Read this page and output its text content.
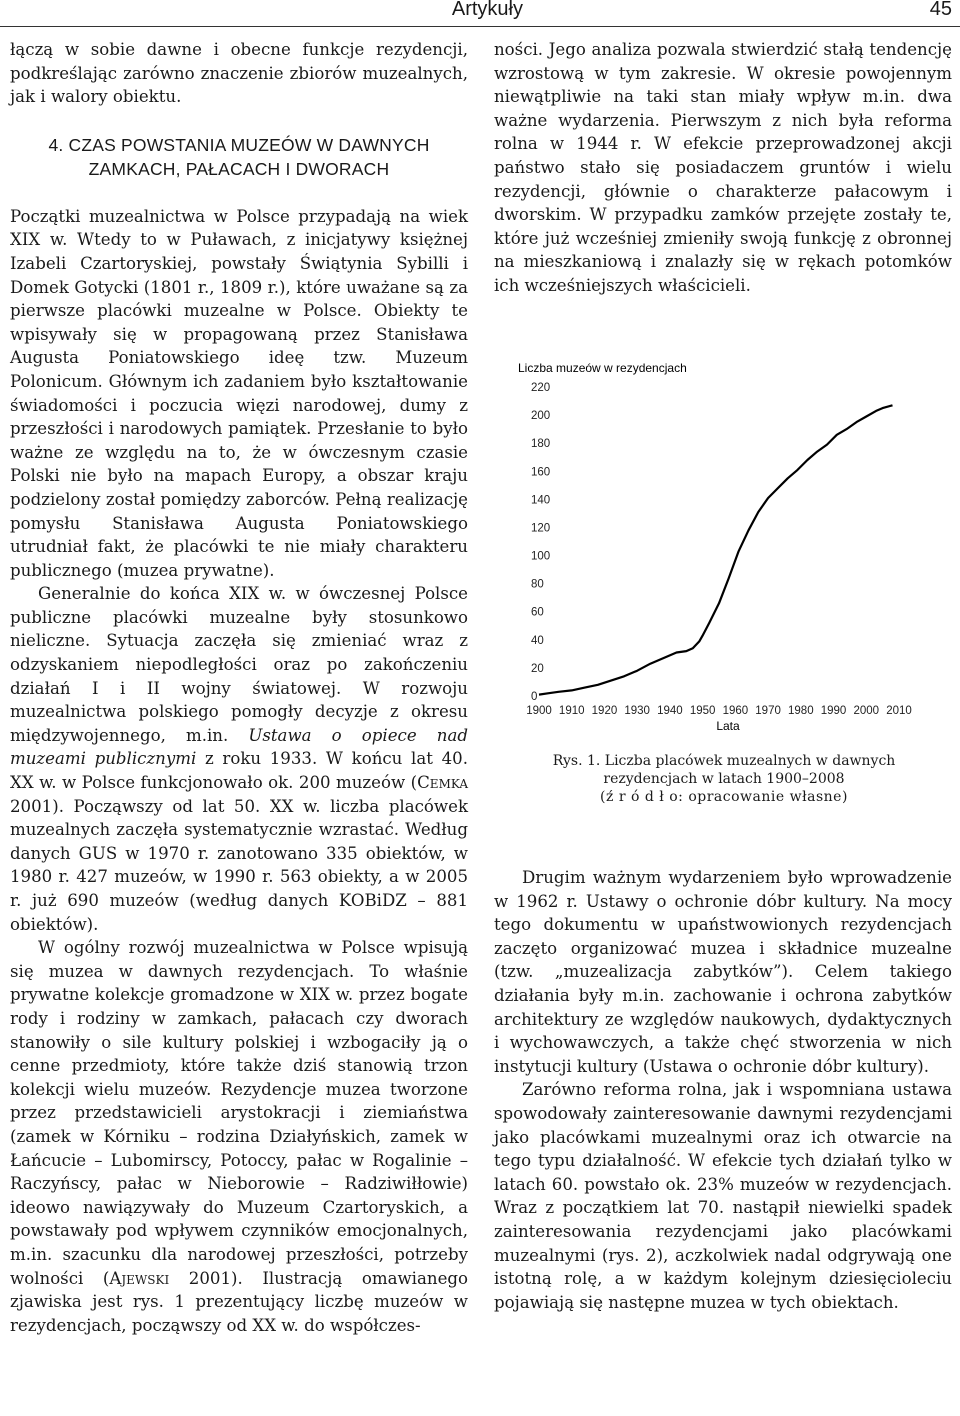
Artykuły	45

łączą w sobie dawne i obecne funkcje rezydencji, podkreślając zarówno znaczenie zbiorów muzealnych, jak i walory obiektu.

4. CZAS POWSTANIA MUZEÓW W DAWNYCH ZAMKACH, PAŁACACH I DWORACH

Początki muzealnictwa w Polsce przypadają na wiek XIX w. Wtedy to w Puławach, z inicjatywy księżnej Izabeli Czartoryskiej, powstały Świątynia Sybilli i Domek Gotycki (1801 r., 1809 r.), które uważane są za pierwsze placówki muzealne w Polsce. Obiekty te wpisywały się w propagowaną przez Stanisława Augusta Poniatowskiego ideę tzw. Muzeum Polonicum. Głównym ich zadaniem było kształtowanie świadomości i poczucia więzi narodowej, dumy z przeszłości i narodowych pamiątek. Przesłanie to było ważne ze względu na to, że w ówczesnym czasie Polski nie było na mapach Europy, a obszar kraju podzielony został pomiędzy zaborców. Pełną realizację pomysłu Stanisława Augusta Poniatowskiego utrudniał fakt, że placówki te nie miały charakteru publicznego (muzea prywatne).

Generalnie do końca XIX w. w ówczesnej Polsce publiczne placówki muzealne były stosunkowo nieliczne. Sytuacja zaczęła się zmieniać wraz z odzyskaniem niepodległości oraz po zakończeniu działań I i II wojny światowej. W rozwoju muzealnictwa polskiego pomogły decyzje z okresu międzywojennego, m.in. Ustawa o opiece nad muzeami publicznymi z roku 1933. W końcu lat 40. XX w. w Polsce funkcjonowało ok. 200 muzeów (Cemka 2001). Począwszy od lat 50. XX w. liczba placówek muzealnych zaczęła systematycznie wzrastać. Według danych GUS w 1970 r. zanotowano 335 obiektów, w 1980 r. 427 muzeów, w 1990 r. 563 obiekty, a w 2005 r. już 690 muzeów (według danych KOBiDZ – 881 obiektów).

W ogólny rozwój muzealnictwa w Polsce wpisują się muzea w dawnych rezydencjach. To właśnie prywatne kolekcje gromadzone w XIX w. przez bogate rody i rodziny w zamkach, pałacach czy dworach stanowiły o sile kultury polskiej i wzbogaciły ją o cenne przedmioty, które także dziś stanowią trzon kolekcji wielu muzeów. Rezydencje muzea tworzone przez przedstawicieli arystokracji i ziemiaństwa (zamek w Kórniku – rodzina Działyńskich, zamek w Łańcucie – Lubomirscy, Potoccy, pałac w Rogalinie – Raczyńscy, pałac w Nieborowie – Radziwiłłowie) ideowo nawiązywały do Muzeum Czartoryskich, a powstawały pod wpływem czynników emocjonalnych, m.in. szacunku dla narodowej przeszłości, potrzeby wolności (Ajewski 2001). Ilustracją omawianego zjawiska jest rys. 1 prezentujący liczbę muzeów w rezydencjach, począwszy od XX w. do współczes-

ności. Jego analiza pozwala stwierdzić stałą tendencję wzrostową w tym zakresie. W okresie powojennym niewątpliwie na taki stan miały wpływ m.in. dwa ważne wydarzenia. Pierwszym z nich była reforma rolna w 1944 r. W efekcie przeprowadzonej akcji państwo stało się posiadaczem gruntów i wielu rezydencji, głównie o charakterze pałacowym i dworskim. W przypadku zamków przejęte zostały te, które już wcześniej zmieniły swoją funkcję z obronnej na mieszkaniową i znalazły się w rękach potomków ich wcześniejszych właścicieli.

Liczba muzeów w rezydencjach
Lata
0
20
40
60
80
100
120
140
160
180
200
220
1900 1910 1920 1930 1940 1950 1960 1970 1980 1990 2000 2010
Rys. 1. Liczba placówek muzealnych w dawnych
rezydencjach w latach 1900–2008
(ź r ó d ł o: opracowanie własne)

Drugim ważnym wydarzeniem było wprowadzenie w 1962 r. Ustawy o ochronie dóbr kultury. Na mocy tego dokumentu w upaństwowionych rezydencjach zaczęto organizować muzea i składnice muzealne (tzw. „muzealizacja zabytków”). Celem takiego działania były m.in. zachowanie i ochrona zabytków architektury ze względów naukowych, dydaktycznych i wychowawczych, a także chęć stworzenia w nich instytucji kultury (Ustawa o ochronie dóbr kultury).

Zarówno reforma rolna, jak i wspomniana ustawa spowodowały zainteresowanie dawnymi rezydencjami jako placówkami muzealnymi oraz ich otwarcie na tego typu działalność. W efekcie tych działań tylko w latach 60. powstało ok. 23% muzeów w rezydencjach. Wraz z początkiem lat 70. nastąpił niewielki spadek zainteresowania rezydencjami jako placówkami muzealnymi (rys. 2), aczkolwiek nadal odgrywają one istotną rolę, a w każdym kolejnym dziesięcioleciu pojawiają się następne muzea w tych obiektach.
